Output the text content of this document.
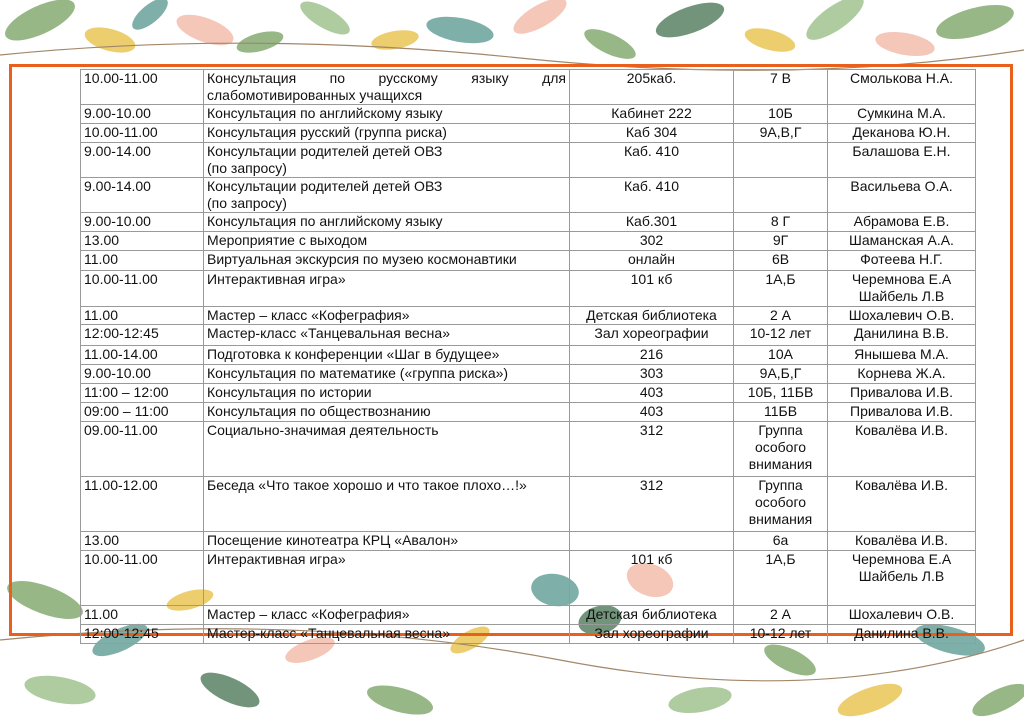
10.00-11.00	Консультация по русскому языку для
слабомотивированных учащихся	205каб.	7 В	Смолькова Н.А.

9.00-10.00	Консультация по английскому языку	Кабинет 222	10Б	Сумкина М.А.

10.00-11.00	Консультация русский (группа риска)	Каб 304	9А,В,Г	Деканова Ю.Н.

9.00-14.00	Консультации родителей детей ОВЗ
(по запросу)	Каб. 410		Балашова Е.Н.

9.00-14.00	Консультации родителей детей ОВЗ
(по запросу)	Каб. 410		Васильева О.А.

9.00-10.00	Консультация по английскому языку	Каб.301	8 Г	Абрамова Е.В.

13.00	Мероприятие с выходом	302	9Г	Шаманская А.А.

11.00	Виртуальная экскурсия по музею космонавтики	онлайн	6В	Фотеева Н.Г.

10.00-11.00	Интерактивная игра»	101 кб	1А,Б	Черемнова Е.А
Шайбель Л.В

11.00	Мастер – класс «Кофеграфия»	Детская библиотека	2 А	Шохалевич О.В.

12:00-12:45	Мастер-класс «Танцевальная весна»	Зал хореографии	10-12 лет	Данилина В.В.

11.00-14.00	Подготовка к конференции «Шаг в будущее»	216	10А	Янышева М.А.

9.00-10.00	Консультация по математике («группа риска»)	303	9А,Б,Г	Корнева Ж.А.

11:00 – 12:00	Консультация по истории	403	10Б, 11БВ	Привалова И.В.

09:00 – 11:00	Консультация по обществознанию	403	11БВ	Привалова И.В.

09.00-11.00	Социально-значимая деятельность	312	Группа особого внимания	Ковалёва И.В.

11.00-12.00	Беседа «Что такое хорошо и что такое плохо…!»	312	Группа особого внимания	Ковалёва И.В.

13.00	Посещение кинотеатра КРЦ «Авалон»		6а	Ковалёва И.В.

10.00-11.00	Интерактивная игра»	101 кб	1А,Б	Черемнова Е.А
Шайбель Л.В

11.00	Мастер – класс «Кофеграфия»	Детская библиотека	2 А	Шохалевич О.В.

12:00-12:45	Мастер-класс «Танцевальная весна»	Зал хореографии	10-12 лет	Данилина В.В.
